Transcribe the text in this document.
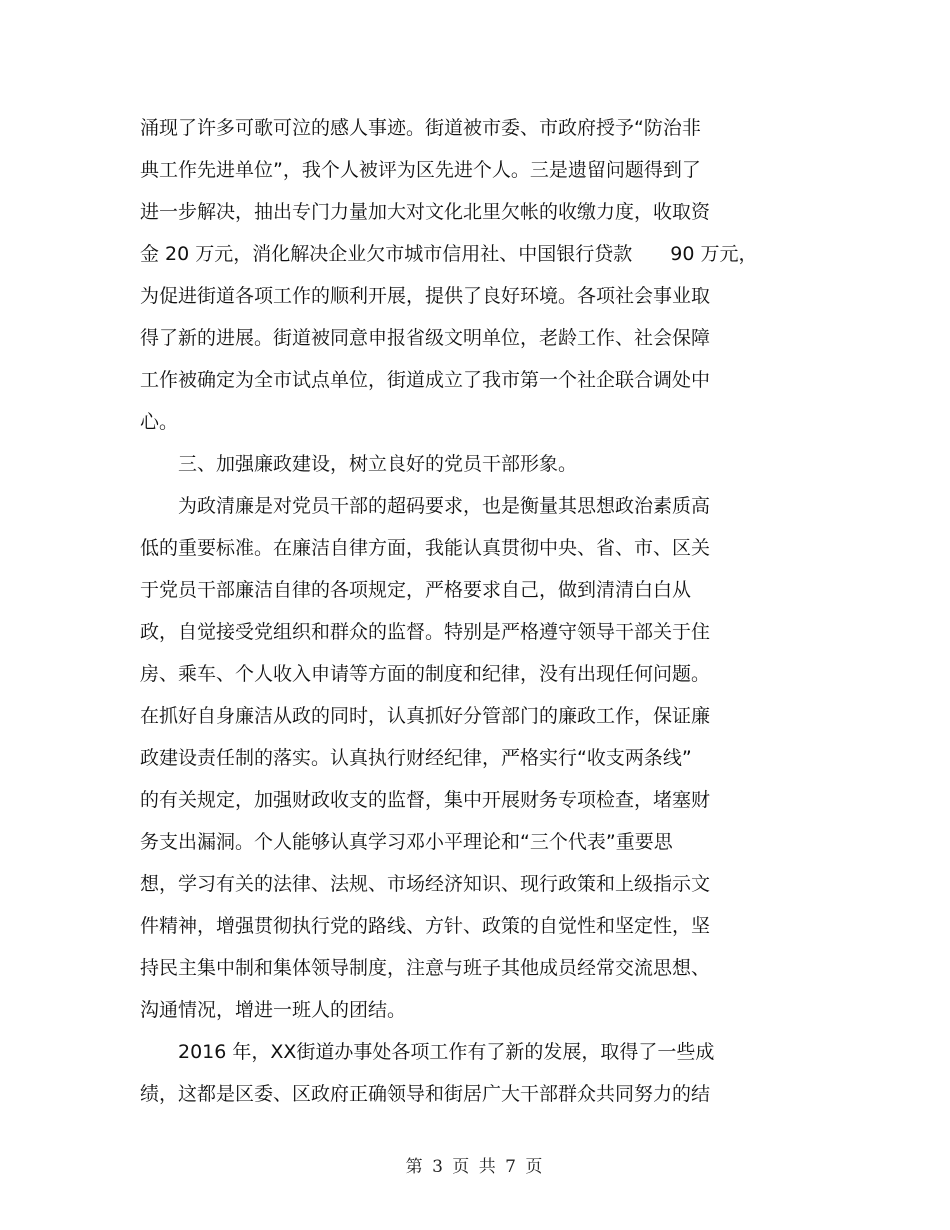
涌现了许多可歌可泣的感人事迹。街道被市委、市政府授予“防治非
典工作先进单位”，我个人被评为区先进个人。三是遗留问题得到了
进一步解决，抽出专门力量加大对文化北里欠帐的收缴力度，收取资
金 20 万元，消化解决企业欠市城市信用社、中国银行贷款　　90 万元，
为促进街道各项工作的顺利开展，提供了良好环境。各项社会事业取
得了新的进展。街道被同意申报省级文明单位，老龄工作、社会保障
工作被确定为全市试点单位，街道成立了我市第一个社企联合调处中
心。
　　三、加强廉政建设，树立良好的党员干部形象。
　　为政清廉是对党员干部的超码要求，也是衡量其思想政治素质高
低的重要标准。在廉洁自律方面，我能认真贯彻中央、省、市、区关
于党员干部廉洁自律的各项规定，严格要求自己，做到清清白白从
政，自觉接受党组织和群众的监督。特别是严格遵守领导干部关于住
房、乘车、个人收入申请等方面的制度和纪律，没有出现任何问题。
在抓好自身廉洁从政的同时，认真抓好分管部门的廉政工作，保证廉
政建设责任制的落实。认真执行财经纪律，严格实行“收支两条线”
的有关规定，加强财政收支的监督，集中开展财务专项检查，堵塞财
务支出漏洞。个人能够认真学习邓小平理论和“三个代表”重要思
想，学习有关的法律、法规、市场经济知识、现行政策和上级指示文
件精神，增强贯彻执行党的路线、方针、政策的自觉性和坚定性，坚
持民主集中制和集体领导制度，注意与班子其他成员经常交流思想、
沟通情况，增进一班人的团结。
　　2016 年，XX街道办事处各项工作有了新的发展，取得了一些成
绩，这都是区委、区政府正确领导和街居广大干部群众共同努力的结
第 3 页 共 7 页
